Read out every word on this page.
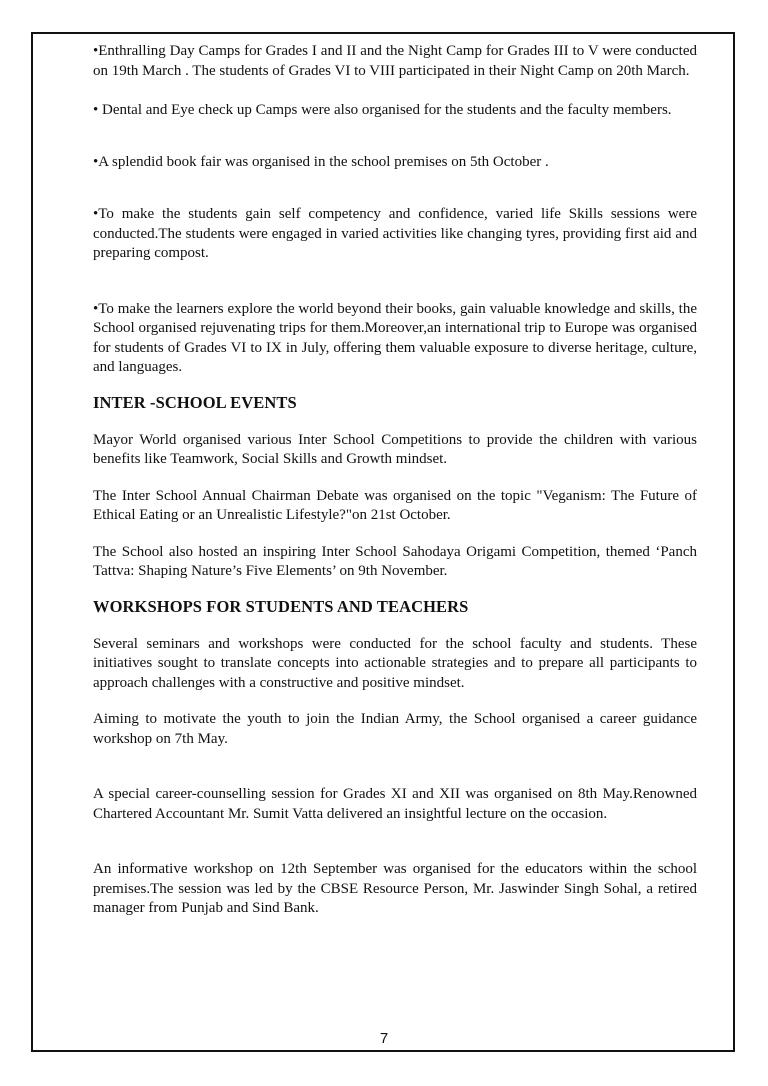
•Enthralling Day Camps for Grades I and II and the Night Camp for Grades III to V were conducted on 19th March . The students of Grades VI to VIII participated in their Night Camp on 20th March.

• Dental and Eye check up Camps were also organised for the students and the faculty members.

•A splendid book fair was organised in the school premises on 5th October .

•To make the students gain self competency and confidence, varied life Skills sessions were conducted.The students were engaged in varied activities like changing tyres, providing first aid and preparing compost.

•To make the learners explore the world beyond their books, gain valuable knowledge and skills, the School organised rejuvenating trips for them.Moreover,an international trip to Europe was organised for students of Grades VI to IX in July, offering them valuable exposure to diverse heritage, culture, and languages.

INTER -SCHOOL EVENTS

Mayor World organised various Inter School Competitions to provide the children with various benefits like Teamwork, Social Skills and Growth mindset.

The Inter School Annual Chairman Debate was organised on the topic "Veganism: The Future of Ethical Eating or an Unrealistic Lifestyle?"on 21st October.

The School also hosted an inspiring Inter School Sahodaya Origami Competition, themed ‘Panch Tattva: Shaping Nature’s Five Elements’ on 9th November.

WORKSHOPS FOR STUDENTS AND TEACHERS

Several seminars and workshops were conducted for the school faculty and students. These initiatives sought to translate concepts into actionable strategies and to prepare all participants to approach challenges with a constructive and positive mindset.

Aiming to motivate the youth to join the Indian Army, the School organised a career guidance workshop on 7th May.

A special career-counselling session for Grades XI and XII was organised on 8th May.Renowned Chartered Accountant Mr. Sumit Vatta delivered an insightful lecture on the occasion.

An informative workshop on 12th September was organised for the educators within the school premises.The session was led by the CBSE Resource Person, Mr. Jaswinder Singh Sohal, a retired manager from Punjab and Sind Bank.

7
